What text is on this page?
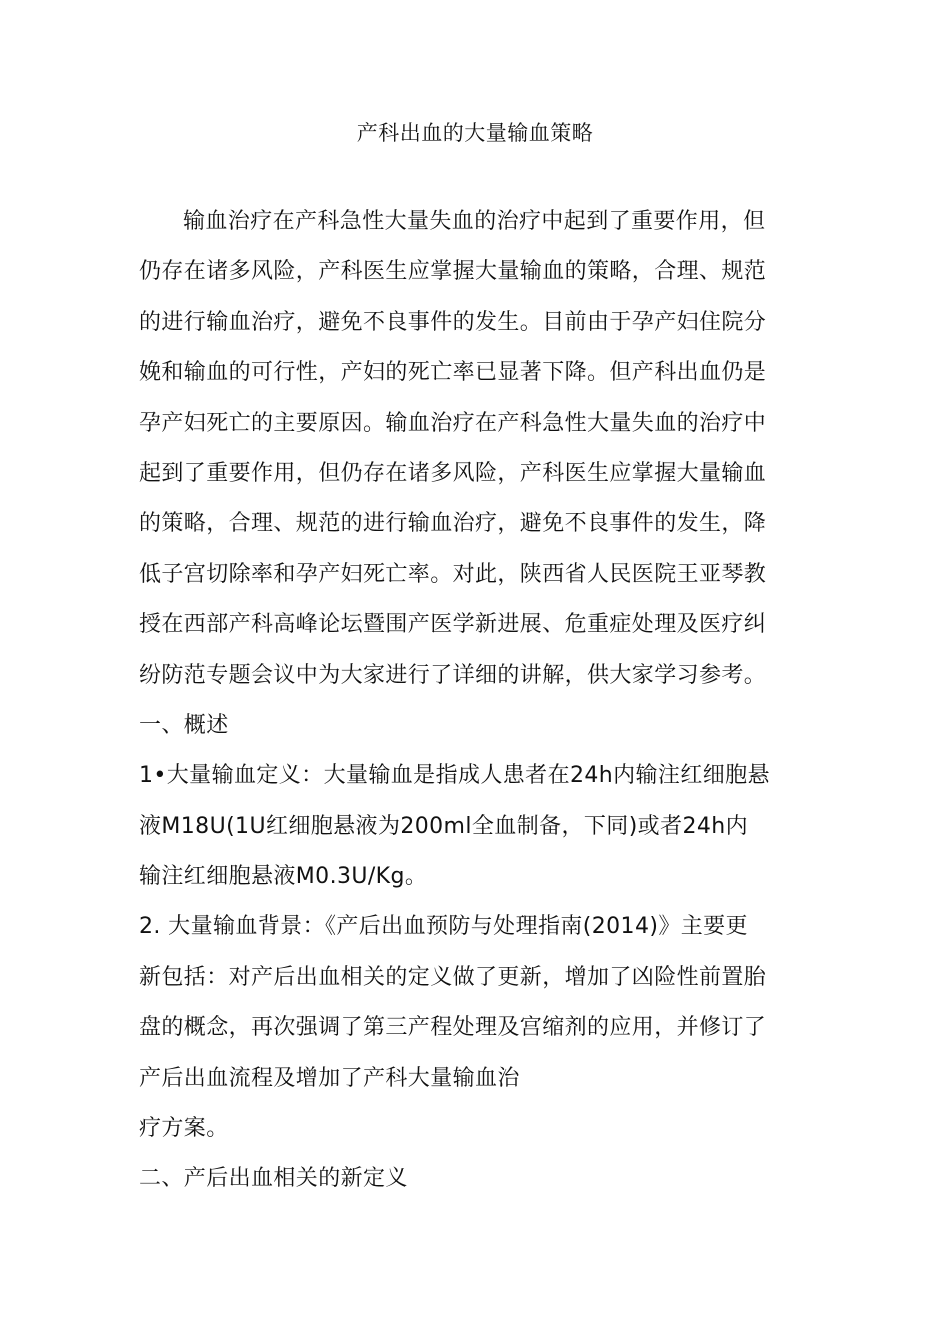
产科出血的大量输血策略
输血治疗在产科急性大量失血的治疗中起到了重要作用，但
仍存在诸多风险，产科医生应掌握大量输血的策略，合理、规范
的进行输血治疗，避免不良事件的发生。目前由于孕产妇住院分
娩和输血的可行性，产妇的死亡率已显著下降。但产科出血仍是
孕产妇死亡的主要原因。输血治疗在产科急性大量失血的治疗中
起到了重要作用，但仍存在诸多风险，产科医生应掌握大量输血
的策略，合理、规范的进行输血治疗，避免不良事件的发生，降
低子宫切除率和孕产妇死亡率。对此，陕西省人民医院王亚琴教
授在西部产科高峰论坛暨围产医学新进展、危重症处理及医疗纠
纷防范专题会议中为大家进行了详细的讲解，供大家学习参考。
一、概述
1•大量输血定义：大量输血是指成人患者在24h内输注红细胞悬
液M18U(1U红细胞悬液为200ml全血制备，下同)或者24h内
输注红细胞悬液M0.3U/Kg。
2. 大量输血背景：《产后出血预防与处理指南(2014)》主要更
新包括：对产后出血相关的定义做了更新，增加了凶险性前置胎
盘的概念，再次强调了第三产程处理及宫缩剂的应用，并修订了
产后出血流程及增加了产科大量输血治
疗方案。
二、产后出血相关的新定义
